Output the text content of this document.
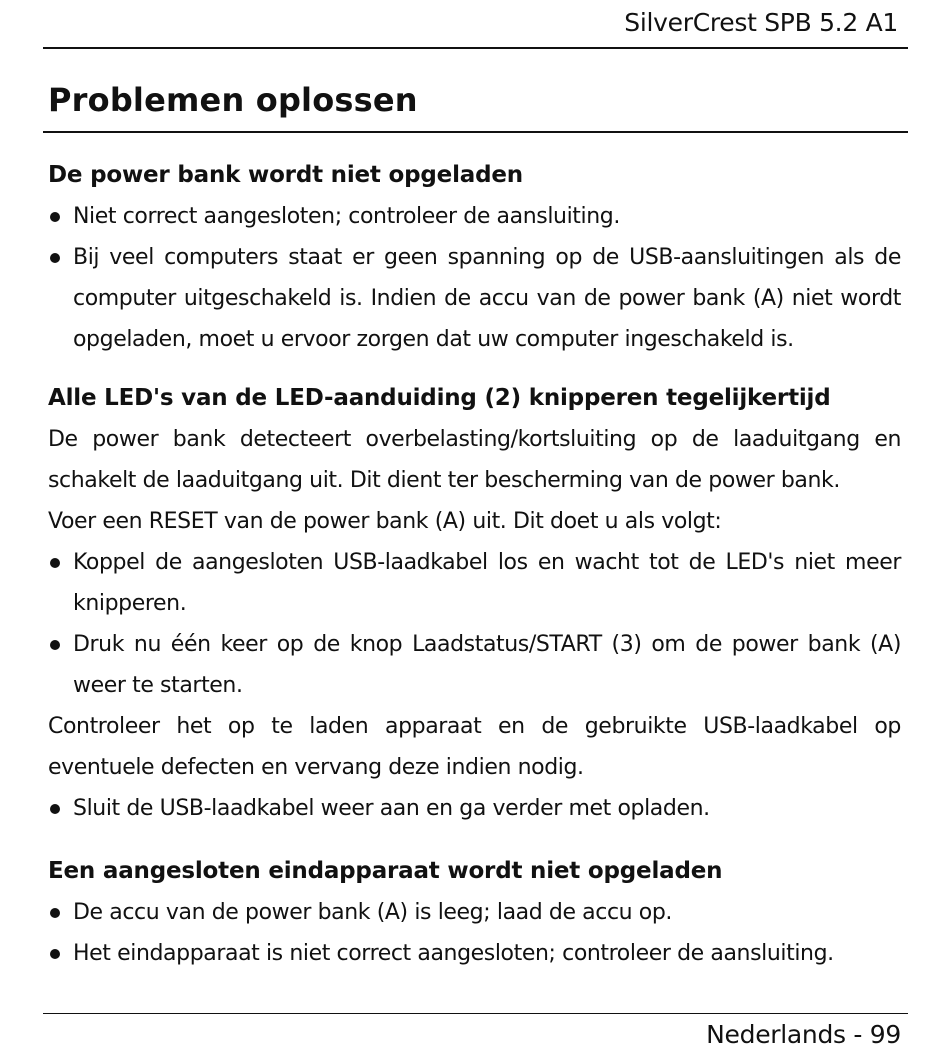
SilverCrest SPB 5.2 A1
Problemen oplossen
De power bank wordt niet opgeladen
Niet correct aangesloten; controleer de aansluiting.
Bij veel computers staat er geen spanning op de USB-aansluitingen als de computer uitgeschakeld is. Indien de accu van de power bank (A) niet wordt opgeladen, moet u ervoor zorgen dat uw computer ingeschakeld is.
Alle LED's van de LED-aanduiding (2) knipperen tegelijkertijd

De power bank detecteert overbelasting/kortsluiting op de laaduitgang en schakelt de laaduitgang uit. Dit dient ter bescherming van de power bank.

Voer een RESET van de power bank (A) uit. Dit doet u als volgt:

Koppel de aangesloten USB-laadkabel los en wacht tot de LED's niet meer knipperen.
Druk nu één keer op de knop Laadstatus/START (3) om de power bank (A) weer te starten.

Controleer het op te laden apparaat en de gebruikte USB-laadkabel op eventuele defecten en vervang deze indien nodig.

Sluit de USB-laadkabel weer aan en ga verder met opladen.
Een aangesloten eindapparaat wordt niet opgeladen
De accu van de power bank (A) is leeg; laad de accu op.
Het eindapparaat is niet correct aangesloten; controleer de aansluiting.
Nederlands - 99
